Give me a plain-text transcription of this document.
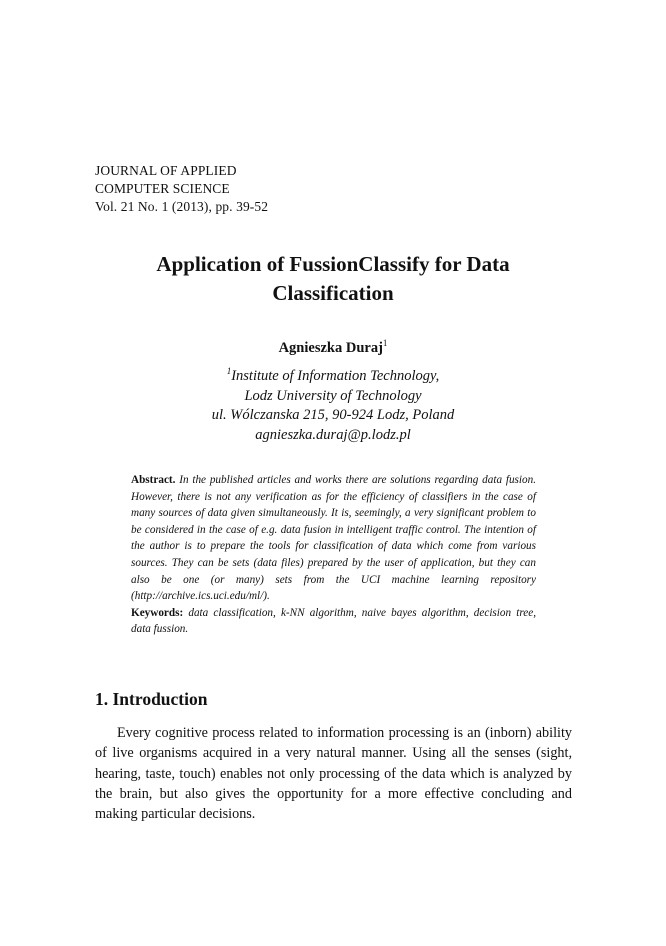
JOURNAL OF APPLIED
COMPUTER SCIENCE
Vol. 21 No. 1 (2013), pp. 39-52
Application of FussionClassify for Data Classification
Agnieszka Duraj$^1$
$^1$Institute of Information Technology,
Lodz University of Technology
ul. Wólczanska 215, 90-924 Lodz, Poland
agnieszka.duraj@p.lodz.pl
Abstract. In the published articles and works there are solutions regarding data fusion. However, there is not any verification as for the efficiency of classifiers in the case of many sources of data given simultaneously. It is, seemingly, a very significant problem to be considered in the case of e.g. data fusion in intelligent traffic control. The intention of the author is to prepare the tools for classification of data which come from various sources. They can be sets (data files) prepared by the user of application, but they can also be one (or many) sets from the UCI machine learning repository (http://archive.ics.uci.edu/ml/).
Keywords: data classification, k-NN algorithm, naive bayes algorithm, decision tree, data fussion.
1. Introduction
Every cognitive process related to information processing is an (inborn) ability of live organisms acquired in a very natural manner. Using all the senses (sight, hearing, taste, touch) enables not only processing of the data which is analyzed by the brain, but also gives the opportunity for a more effective concluding and making particular decisions.
